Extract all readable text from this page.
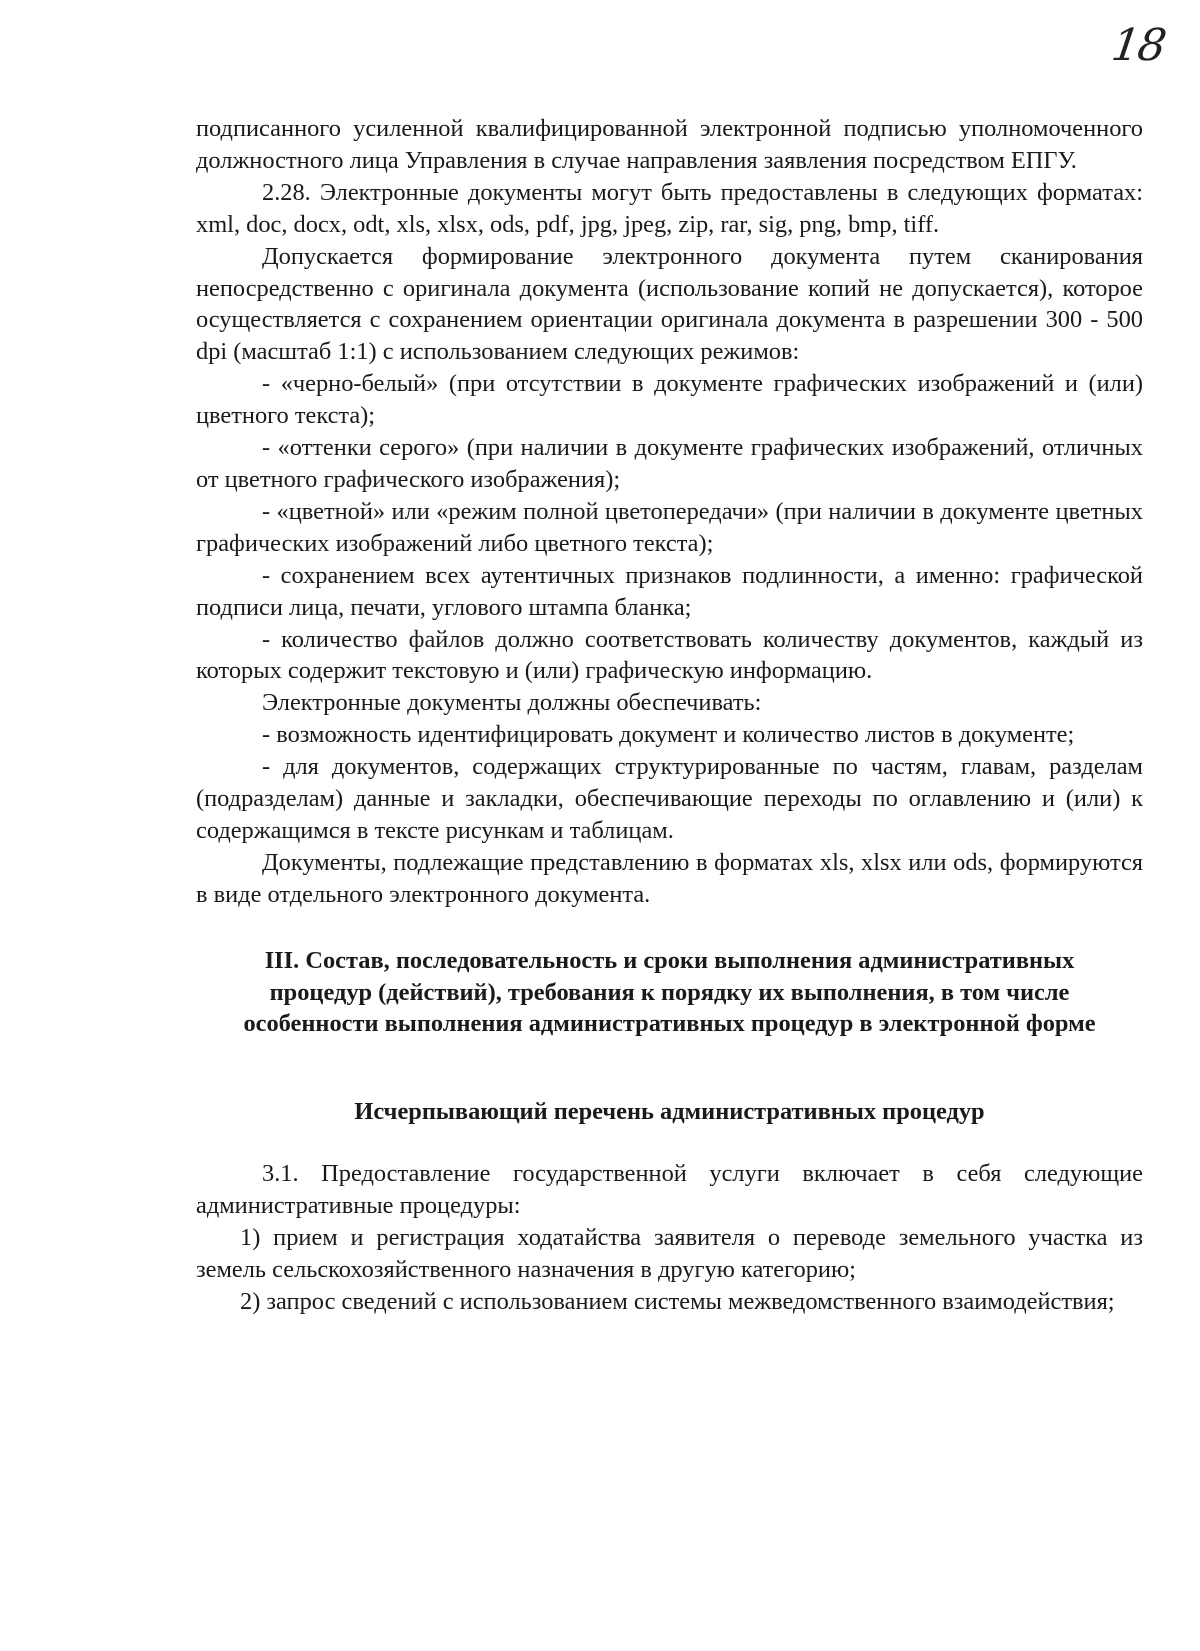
18

подписанного усиленной квалифицированной электронной подписью уполномоченного должностного лица Управления в случае направления заявления посредством ЕПГУ.

2.28. Электронные документы могут быть предоставлены в следующих форматах: xml, doc, docx, odt, xls, xlsx, ods, pdf, jpg, jpeg, zip, rar, sig, png, bmp, tiff.

Допускается формирование электронного документа путем сканирования непосредственно с оригинала документа (использование копий не допускается), которое осуществляется с сохранением ориентации оригинала документа в разрешении 300 - 500 dpi (масштаб 1:1) с использованием следующих режимов:

- «черно-белый» (при отсутствии в документе графических изображений и (или) цветного текста);

- «оттенки серого» (при наличии в документе графических изображений, отличных от цветного графического изображения);

- «цветной» или «режим полной цветопередачи» (при наличии в документе цветных графических изображений либо цветного текста);

- сохранением всех аутентичных признаков подлинности, а именно: графической подписи лица, печати, углового штампа бланка;

- количество файлов должно соответствовать количеству документов, каждый из которых содержит текстовую и (или) графическую информацию.

Электронные документы должны обеспечивать:

- возможность идентифицировать документ и количество листов в документе;

- для документов, содержащих структурированные по частям, главам, разделам (подразделам) данные и закладки, обеспечивающие переходы по оглавлению и (или) к содержащимся в тексте рисункам и таблицам.

Документы, подлежащие представлению в форматах xls, xlsx или ods, формируются в виде отдельного электронного документа.

III. Состав, последовательность и сроки выполнения административных процедур (действий), требования к порядку их выполнения, в том числе особенности выполнения административных процедур в электронной форме

Исчерпывающий перечень административных процедур

3.1. Предоставление государственной услуги включает в себя следующие административные процедуры:

1) прием и регистрация ходатайства заявителя о переводе земельного участка из земель сельскохозяйственного назначения в другую категорию;

2) запрос сведений с использованием системы межведомственного взаимодействия;
